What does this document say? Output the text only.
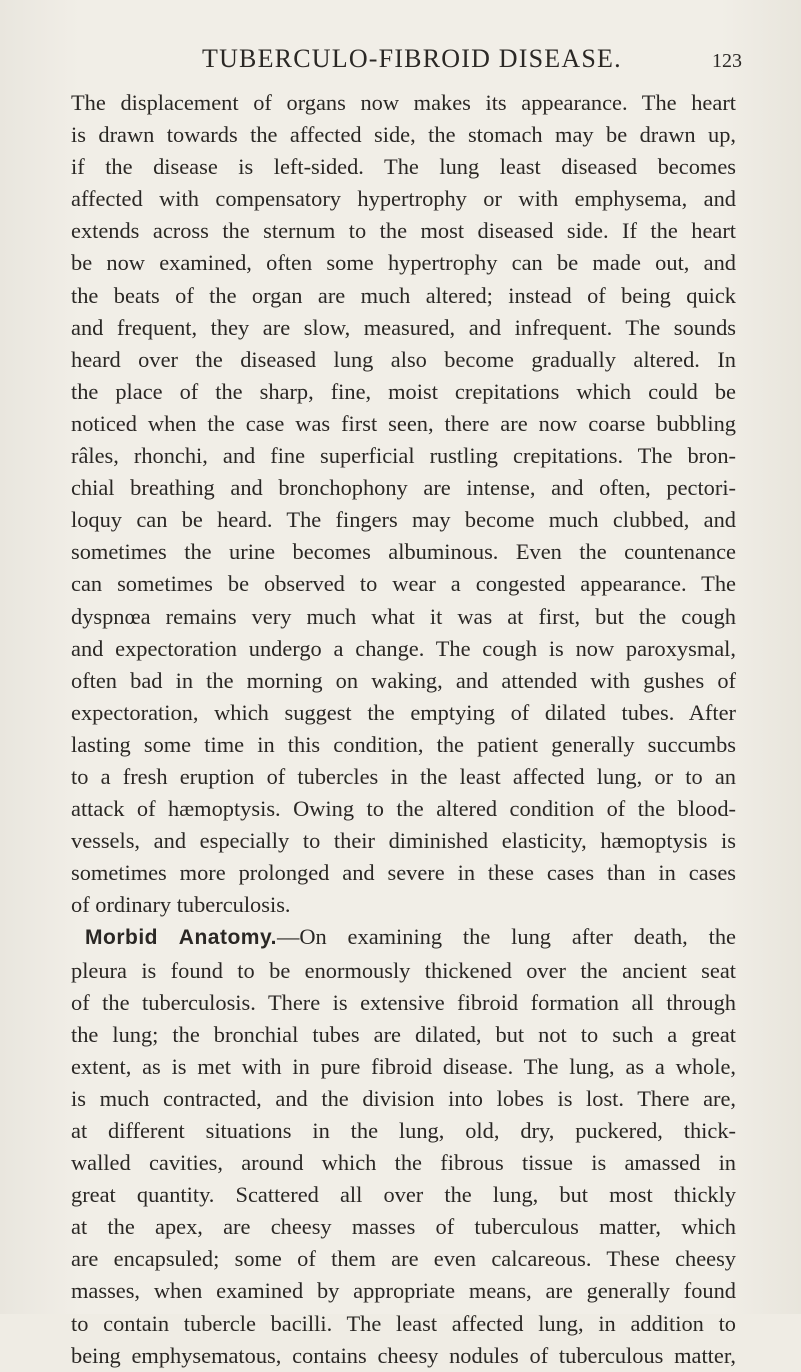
TUBERCULO-FIBROID DISEASE.	123
The displacement of organs now makes its appearance. The heart
is drawn towards the affected side, the stomach may be drawn up,
if the disease is left-sided. The lung least diseased becomes
affected with compensatory hypertrophy or with emphysema, and
extends across the sternum to the most diseased side. If the heart
be now examined, often some hypertrophy can be made out, and
the beats of the organ are much altered; instead of being quick
and frequent, they are slow, measured, and infrequent. The sounds
heard over the diseased lung also become gradually altered. In
the place of the sharp, fine, moist crepitations which could be
noticed when the case was first seen, there are now coarse bubbling
râles, rhonchi, and fine superficial rustling crepitations. The bron-
chial breathing and bronchophony are intense, and often, pectori-
loquy can be heard. The fingers may become much clubbed, and
sometimes the urine becomes albuminous. Even the countenance
can sometimes be observed to wear a congested appearance. The
dyspnœa remains very much what it was at first, but the cough
and expectoration undergo a change. The cough is now paroxysmal,
often bad in the morning on waking, and attended with gushes of
expectoration, which suggest the emptying of dilated tubes. After
lasting some time in this condition, the patient generally succumbs
to a fresh eruption of tubercles in the least affected lung, or to an
attack of hæmoptysis. Owing to the altered condition of the blood-
vessels, and especially to their diminished elasticity, hæmoptysis is
sometimes more prolonged and severe in these cases than in cases
of ordinary tuberculosis.
Morbid Anatomy.—On examining the lung after death, the
pleura is found to be enormously thickened over the ancient seat
of the tuberculosis. There is extensive fibroid formation all through
the lung; the bronchial tubes are dilated, but not to such a great
extent, as is met with in pure fibroid disease. The lung, as a whole,
is much contracted, and the division into lobes is lost. There are,
at different situations in the lung, old, dry, puckered, thick-
walled cavities, around which the fibrous tissue is amassed in
great quantity. Scattered all over the lung, but most thickly
at the apex, are cheesy masses of tuberculous matter, which
are encapsuled; some of them are even calcareous. These cheesy
masses, when examined by appropriate means, are generally found
to contain tubercle bacilli. The least affected lung, in addition to
being emphysematous, contains cheesy nodules of tuberculous matter,
